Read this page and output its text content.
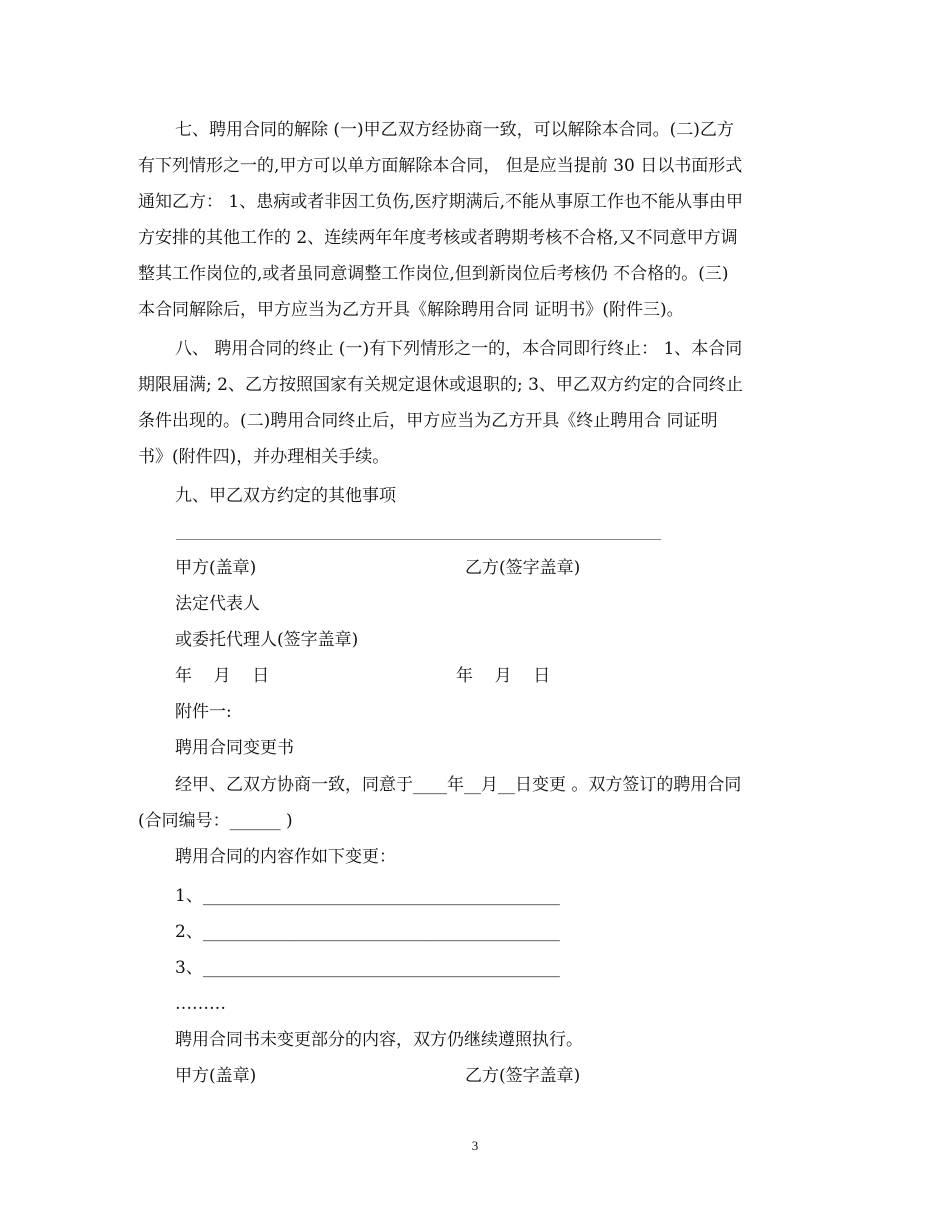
七、聘用合同的解除 (一)甲乙双方经协商一致，可以解除本合同。(二)乙方
有下列情形之一的,甲方可以单方面解除本合同， 但是应当提前 30 日以书面形式
通知乙方： 1、患病或者非因工负伤,医疗期满后,不能从事原工作也不能从事由甲
方安排的其他工作的 2、连续两年年度考核或者聘期考核不合格,又不同意甲方调
整其工作岗位的,或者虽同意调整工作岗位,但到新岗位后考核仍 不合格的。(三)
本合同解除后，甲方应当为乙方开具《解除聘用合同 证明书》(附件三)。
八、 聘用合同的终止 (一)有下列情形之一的，本合同即行终止： 1、本合同
期限届满; 2、乙方按照国家有关规定退休或退职的; 3、甲乙双方约定的合同终止
条件出现的。(二)聘用合同终止后，甲方应当为乙方开具《终止聘用合 同证明
书》(附件四)，并办理相关手续。
九、甲乙双方约定的其他事项
甲方(盖章)	乙方(签字盖章)
法定代表人
或委托代理人(签字盖章)
年    月    日	年    月    日
附件一:
聘用合同变更书
经甲、乙双方协商一致，同意于____年__月__日变更 。双方签订的聘用合同
(合同编号：______ )
聘用合同的内容作如下变更：
1、__________________________________________
2、__________________________________________
3、__________________________________________
………
聘用合同书未变更部分的内容，双方仍继续遵照执行。
甲方(盖章)	乙方(签字盖章)
3
